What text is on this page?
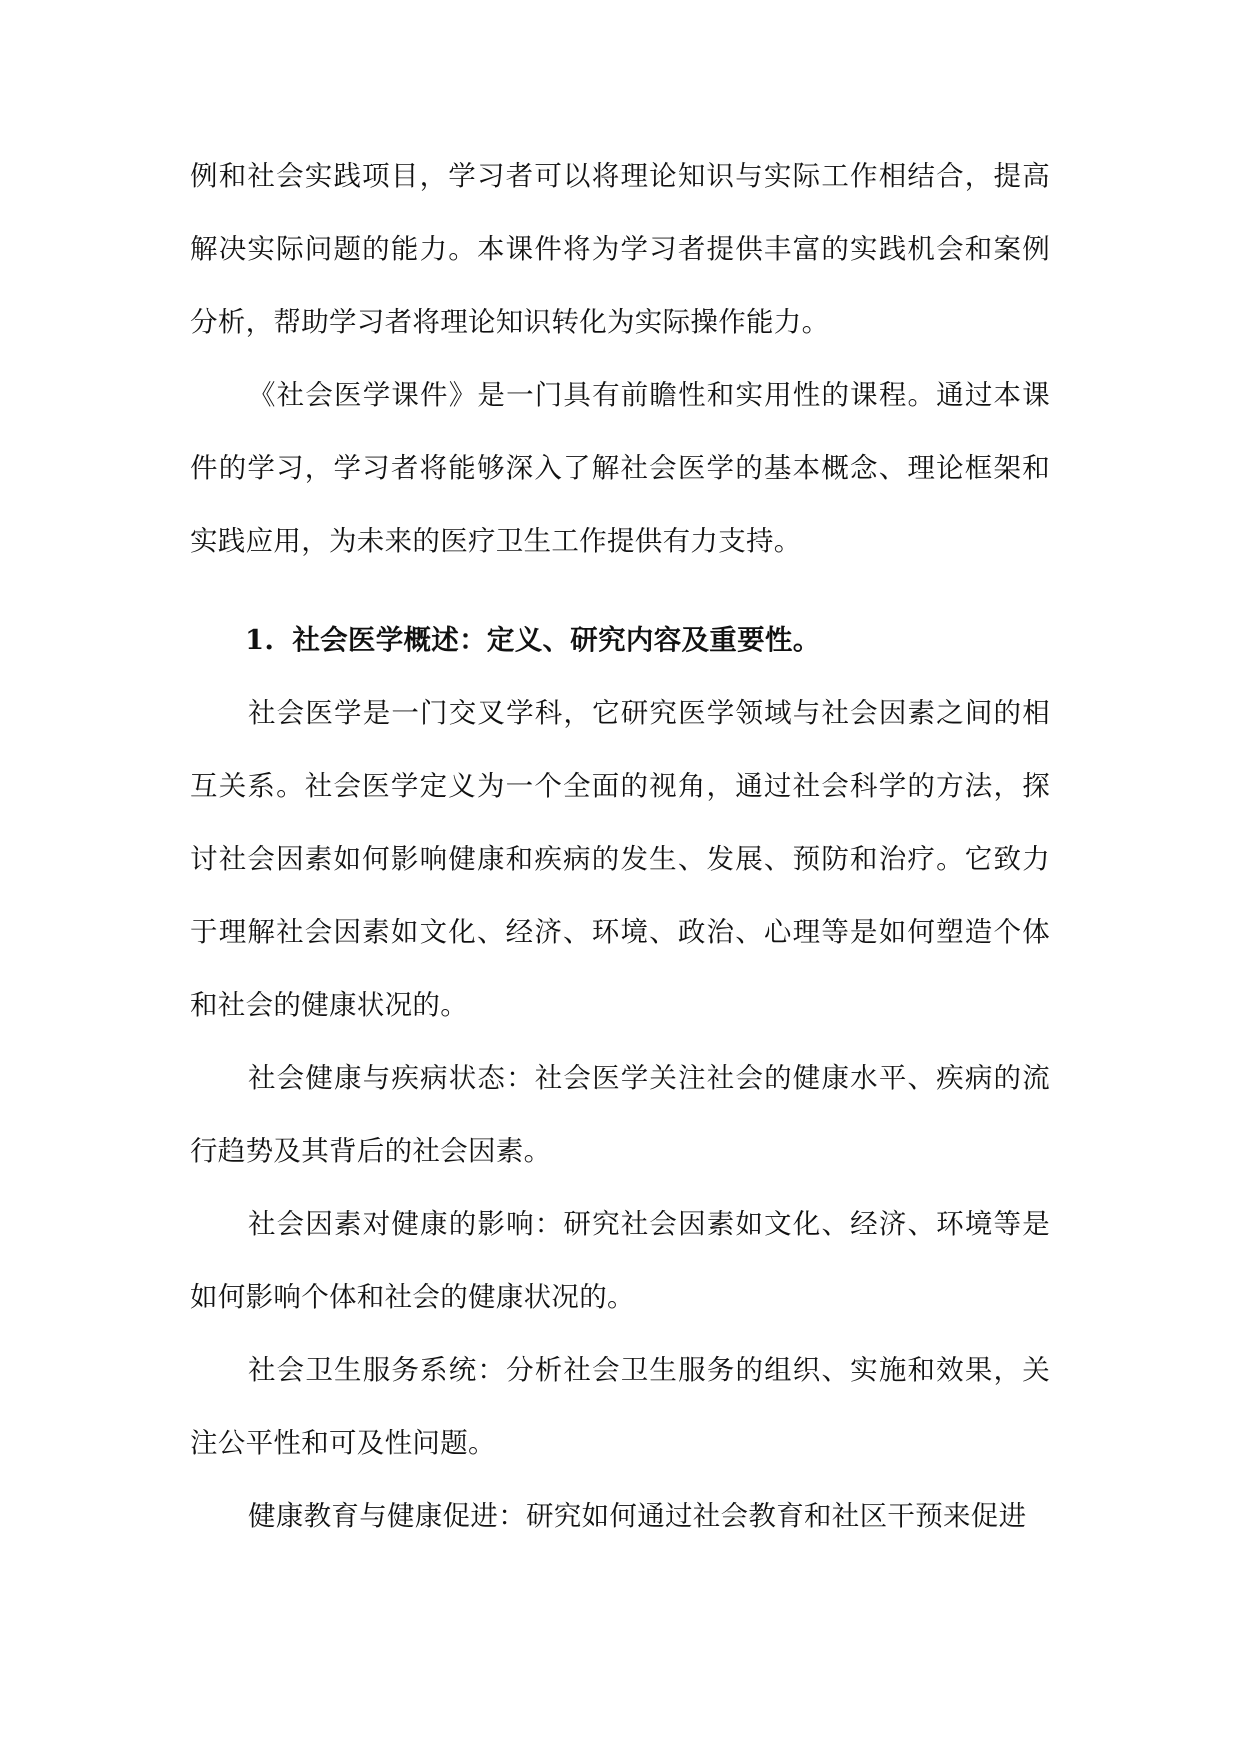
例和社会实践项目，学习者可以将理论知识与实际工作相结合，提高解决实际问题的能力。本课件将为学习者提供丰富的实践机会和案例分析，帮助学习者将理论知识转化为实际操作能力。

《社会医学课件》是一门具有前瞻性和实用性的课程。通过本课件的学习，学习者将能够深入了解社会医学的基本概念、理论框架和实践应用，为未来的医疗卫生工作提供有力支持。

1. 社会医学概述：定义、研究内容及重要性。

社会医学是一门交叉学科，它研究医学领域与社会因素之间的相互关系。社会医学定义为一个全面的视角，通过社会科学的方法，探讨社会因素如何影响健康和疾病的发生、发展、预防和治疗。它致力于理解社会因素如文化、经济、环境、政治、心理等是如何塑造个体和社会的健康状况的。

社会健康与疾病状态：社会医学关注社会的健康水平、疾病的流行趋势及其背后的社会因素。

社会因素对健康的影响：研究社会因素如文化、经济、环境等是如何影响个体和社会的健康状况的。

社会卫生服务系统：分析社会卫生服务的组织、实施和效果，关注公平性和可及性问题。

健康教育与健康促进：研究如何通过社会教育和社区干预来促进
